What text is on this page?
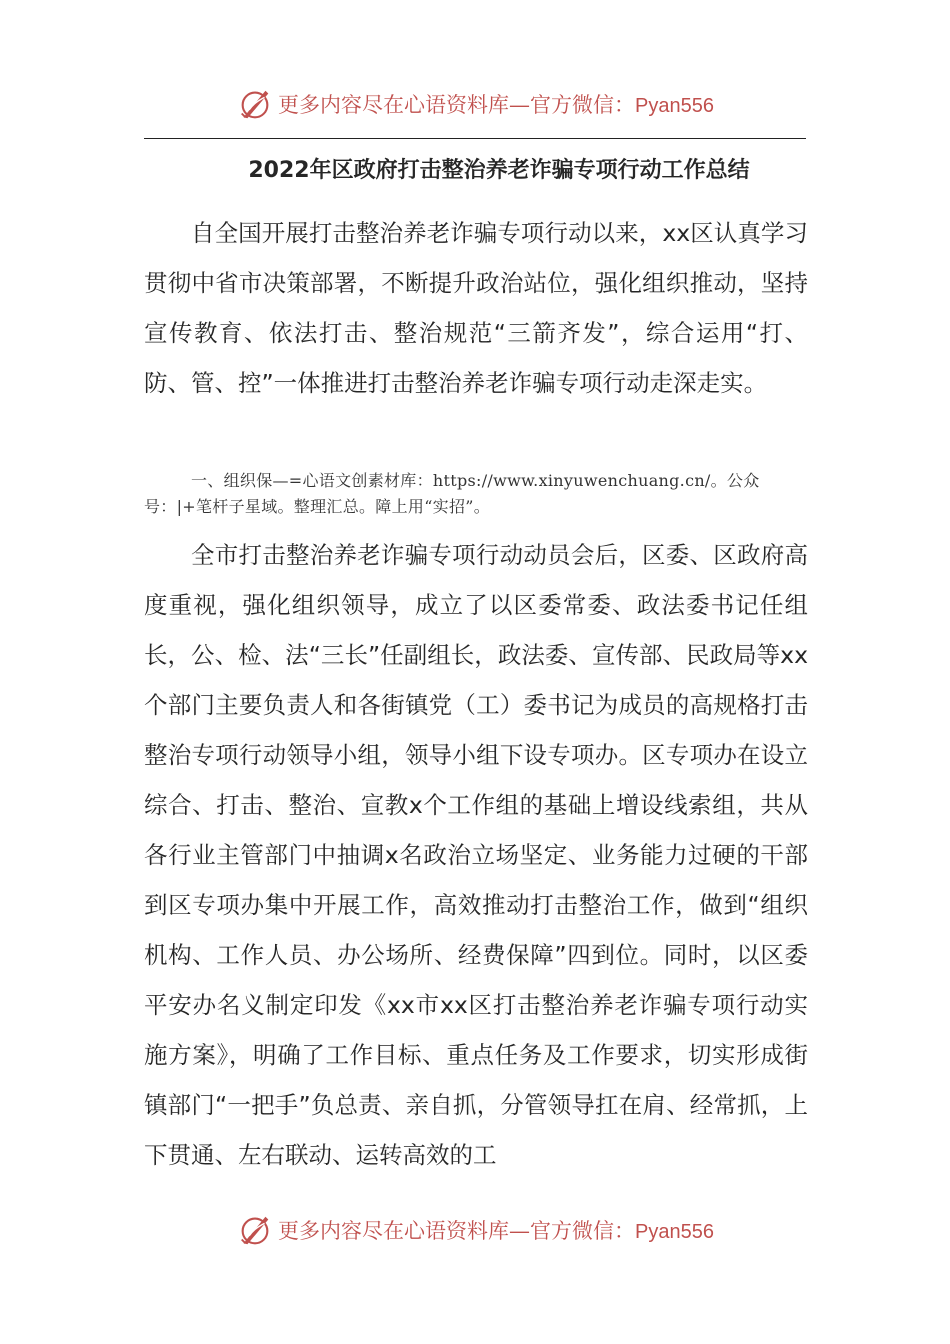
更多内容尽在心语资料库—官方微信：Pyan556
2022年区政府打击整治养老诈骗专项行动工作总结

自全国开展打击整治养老诈骗专项行动以来，xx区认真学习贯彻中省市决策部署，不断提升政治站位，强化组织推动，坚持宣传教育、依法打击、整治规范“三箭齐发”，综合运用“打、防、管、控”一体推进打击整治养老诈骗专项行动走深走实。

一、组织保—=心语文创素材库：https://www.xinyuwenchuang.cn/。公众号：|+笔杆子星域。整理汇总。障上用“实招”。

全市打击整治养老诈骗专项行动动员会后，区委、区政府高度重视，强化组织领导，成立了以区委常委、政法委书记任组长，公、检、法“三长”任副组长，政法委、宣传部、民政局等xx个部门主要负责人和各街镇党（工）委书记为成员的高规格打击整治专项行动领导小组，领导小组下设专项办。区专项办在设立综合、打击、整治、宣教x个工作组的基础上增设线索组，共从各行业主管部门中抽调x名政治立场坚定、业务能力过硬的干部到区专项办集中开展工作，高效推动打击整治工作，做到“组织机构、工作人员、办公场所、经费保障”四到位。同时，以区委平安办名义制定印发《xx市xx区打击整治养老诈骗专项行动实施方案》，明确了工作目标、重点任务及工作要求，切实形成街镇部门“一把手”负总责、亲自抓，分管领导扛在肩、经常抓，上下贯通、左右联动、运转高效的工

更多内容尽在心语资料库—官方微信：Pyan556
